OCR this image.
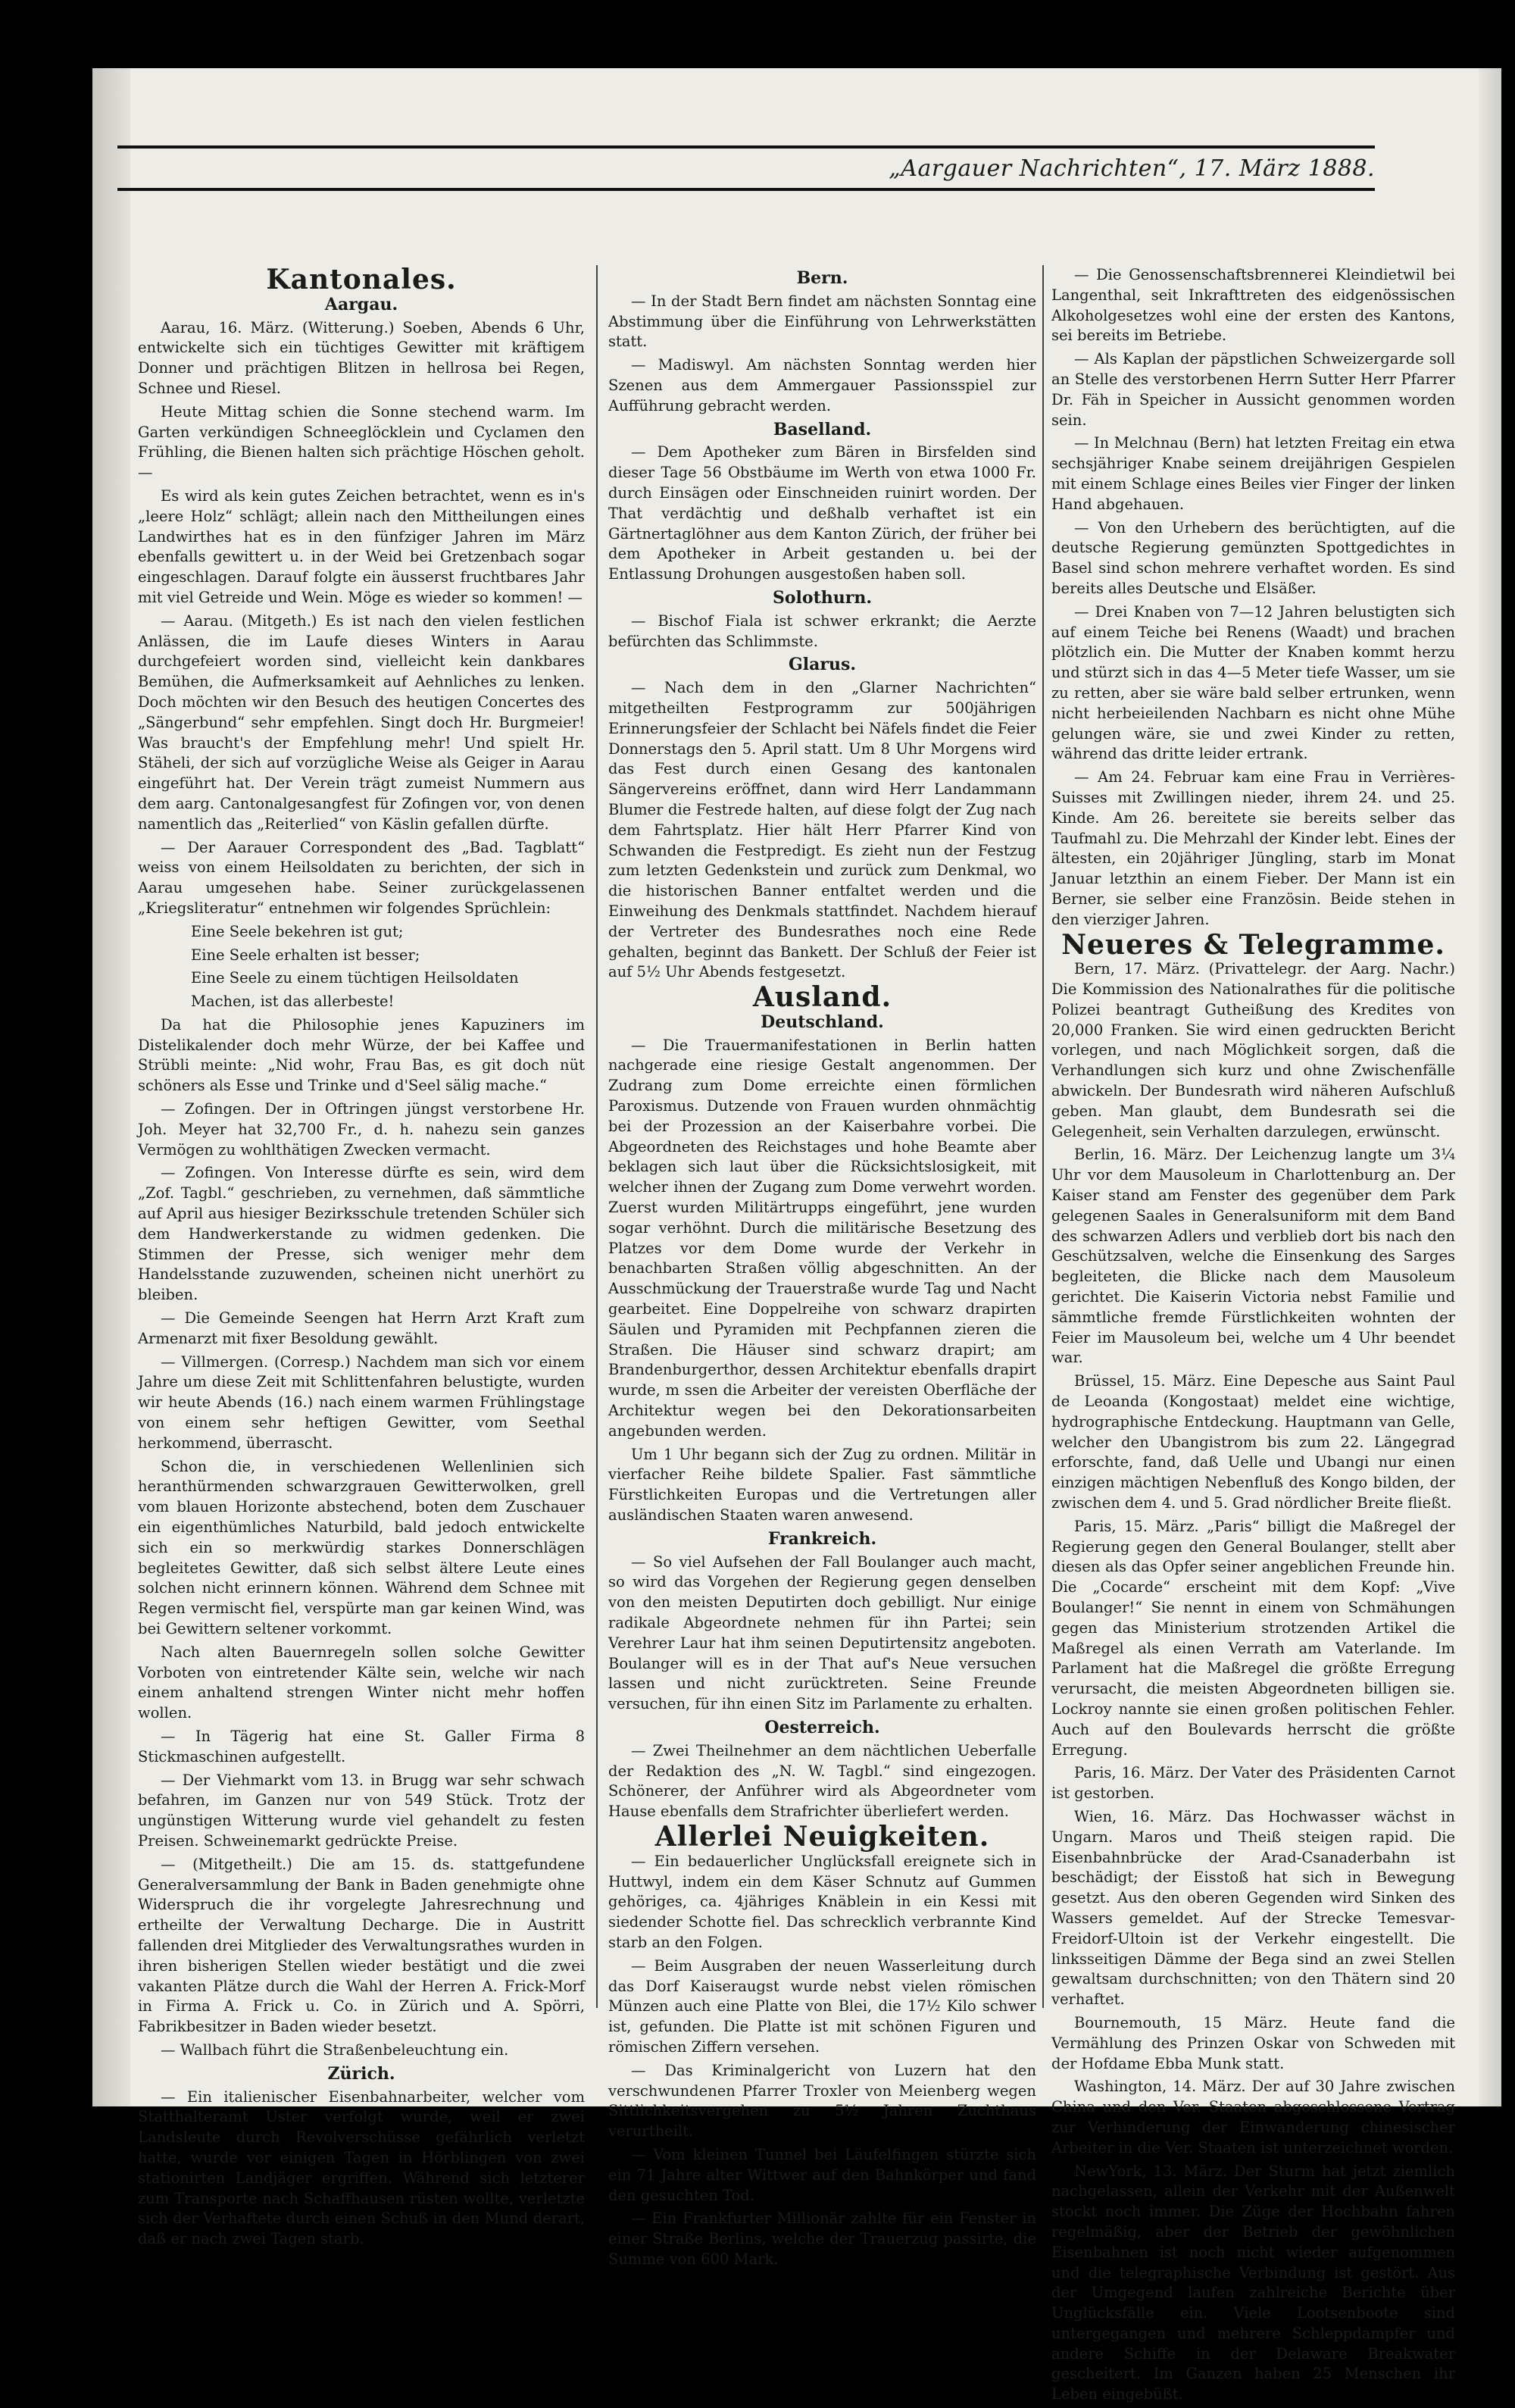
„Aargauer Nachrichten“, 17. März 1888.
Kantonales.
Aargau.

Aarau, 16. März. (Witterung.) Soeben, Abends 6 Uhr, entwickelte sich ein tüchtiges Gewitter mit kräftigem Donner und prächtigen Blitzen in hellrosa bei Regen, Schnee und Riesel.

Heute Mittag schien die Sonne stechend warm. Im Garten verkündigen Schneeglöcklein und Cyclamen den Frühling, die Bienen halten sich prächtige Höschen geholt. —

Es wird als kein gutes Zeichen betrachtet, wenn es in's „leere Holz“ schlägt; allein nach den Mittheilungen eines Landwirthes hat es in den fünfziger Jahren im März ebenfalls gewittert u. in der Weid bei Gretzenbach sogar eingeschlagen. Darauf folgte ein äusserst fruchtbares Jahr mit viel Getreide und Wein. Möge es wieder so kommen! —

— Aarau. (Mitgeth.) Es ist nach den vielen festlichen Anlässen, die im Laufe dieses Winters in Aarau durchgefeiert worden sind, vielleicht kein dankbares Bemühen, die Aufmerksamkeit auf Aehnliches zu lenken. Doch möchten wir den Besuch des heutigen Concertes des „Sängerbund“ sehr empfehlen. Singt doch Hr. Burgmeier! Was braucht's der Empfehlung mehr! Und spielt Hr. Stäheli, der sich auf vorzügliche Weise als Geiger in Aarau eingeführt hat. Der Verein trägt zumeist Nummern aus dem aarg. Cantonalgesangfest für Zofingen vor, von denen namentlich das „Reiterlied“ von Käslin gefallen dürfte.

— Der Aarauer Correspondent des „Bad. Tagblatt“ weiss von einem Heilsoldaten zu berichten, der sich in Aarau umgesehen habe. Seiner zurückgelassenen „Kriegsliteratur“ entnehmen wir folgendes Sprüchlein:

Eine Seele bekehren ist gut;

Eine Seele erhalten ist besser;

Eine Seele zu einem tüchtigen Heilsoldaten

Machen, ist das allerbeste!

Da hat die Philosophie jenes Kapuziners im Distelikalender doch mehr Würze, der bei Kaffee und Strübli meinte: „Nid wohr, Frau Bas, es git doch nüt schöners als Esse und Trinke und d'Seel sälig mache.“

— Zofingen. Der in Oftringen jüngst verstorbene Hr. Joh. Meyer hat 32,700 Fr., d. h. nahezu sein ganzes Vermögen zu wohlthätigen Zwecken vermacht.

— Zofingen. Von Interesse dürfte es sein, wird dem „Zof. Tagbl.“ geschrieben, zu vernehmen, daß sämmtliche auf April aus hiesiger Bezirksschule tretenden Schüler sich dem Handwerkerstande zu widmen gedenken. Die Stimmen der Presse, sich weniger mehr dem Handelsstande zuzuwenden, scheinen nicht unerhört zu bleiben.

— Die Gemeinde Seengen hat Herrn Arzt Kraft zum Armenarzt mit fixer Besoldung gewählt.

— Villmergen. (Corresp.) Nachdem man sich vor einem Jahre um diese Zeit mit Schlittenfahren belustigte, wurden wir heute Abends (16.) nach einem warmen Frühlingstage von einem sehr heftigen Gewitter, vom Seethal herkommend, überrascht.

Schon die, in verschiedenen Wellenlinien sich heranthürmenden schwarzgrauen Gewitterwolken, grell vom blauen Horizonte abstechend, boten dem Zuschauer ein eigenthümliches Naturbild, bald jedoch entwickelte sich ein so merkwürdig starkes Donnerschlägen begleitetes Gewitter, daß sich selbst ältere Leute eines solchen nicht erinnern können. Während dem Schnee mit Regen vermischt fiel, verspürte man gar keinen Wind, was bei Gewittern seltener vorkommt.

Nach alten Bauernregeln sollen solche Gewitter Vorboten von eintretender Kälte sein, welche wir nach einem anhaltend strengen Winter nicht mehr hoffen wollen.

— In Tägerig hat eine St. Galler Firma 8 Stickmaschinen aufgestellt.

— Der Viehmarkt vom 13. in Brugg war sehr schwach befahren, im Ganzen nur von 549 Stück. Trotz der ungünstigen Witterung wurde viel gehandelt zu festen Preisen. Schweinemarkt gedrückte Preise.

— (Mitgetheilt.) Die am 15. ds. stattgefundene Generalversammlung der Bank in Baden genehmigte ohne Widerspruch die ihr vorgelegte Jahresrechnung und ertheilte der Verwaltung Decharge. Die in Austritt fallenden drei Mitglieder des Verwaltungsrathes wurden in ihren bisherigen Stellen wieder bestätigt und die zwei vakanten Plätze durch die Wahl der Herren A. Frick-Morf in Firma A. Frick u. Co. in Zürich und A. Spörri, Fabrikbesitzer in Baden wieder besetzt.

— Wallbach führt die Straßenbeleuchtung ein.

Zürich.

— Ein italienischer Eisenbahnarbeiter, welcher vom Statthalteramt Uster verfolgt wurde, weil er zwei Landsleute durch Revolverschüsse gefährlich verletzt hatte, wurde vor einigen Tagen in Hörblingen von zwei stationirten Landjäger ergriffen. Während sich letzterer zum Transporte nach Schaffhausen rüsten wollte, verletzte sich der Verhaftete durch einen Schuß in den Mund derart, daß er nach zwei Tagen starb.

Bern.

— In der Stadt Bern findet am nächsten Sonntag eine Abstimmung über die Einführung von Lehrwerkstätten statt.

— Madiswyl. Am nächsten Sonntag werden hier Szenen aus dem Ammergauer Passionsspiel zur Aufführung gebracht werden.

Baselland.

— Dem Apotheker zum Bären in Birsfelden sind dieser Tage 56 Obstbäume im Werth von etwa 1000 Fr. durch Einsägen oder Einschneiden ruinirt worden. Der That verdächtig und deßhalb verhaftet ist ein Gärtnertaglöhner aus dem Kanton Zürich, der früher bei dem Apotheker in Arbeit gestanden u. bei der Entlassung Drohungen ausgestoßen haben soll.

Solothurn.

— Bischof Fiala ist schwer erkrankt; die Aerzte befürchten das Schlimmste.

Glarus.

— Nach dem in den „Glarner Nachrichten“ mitgetheilten Festprogramm zur 500jährigen Erinnerungsfeier der Schlacht bei Näfels findet die Feier Donnerstags den 5. April statt. Um 8 Uhr Morgens wird das Fest durch einen Gesang des kantonalen Sängervereins eröffnet, dann wird Herr Landammann Blumer die Festrede halten, auf diese folgt der Zug nach dem Fahrtsplatz. Hier hält Herr Pfarrer Kind von Schwanden die Festpredigt. Es zieht nun der Festzug zum letzten Gedenkstein und zurück zum Denkmal, wo die historischen Banner entfaltet werden und die Einweihung des Denkmals stattfindet. Nachdem hierauf der Vertreter des Bundesrathes noch eine Rede gehalten, beginnt das Bankett. Der Schluß der Feier ist auf 5½ Uhr Abends festgesetzt.

Ausland.
Deutschland.

— Die Trauermanifestationen in Berlin hatten nachgerade eine riesige Gestalt angenommen. Der Zudrang zum Dome erreichte einen förmlichen Paroxismus. Dutzende von Frauen wurden ohnmächtig bei der Prozession an der Kaiserbahre vorbei. Die Abgeordneten des Reichstages und hohe Beamte aber beklagen sich laut über die Rücksichtslosigkeit, mit welcher ihnen der Zugang zum Dome verwehrt worden. Zuerst wurden Militärtrupps eingeführt, jene wurden sogar verhöhnt. Durch die militärische Besetzung des Platzes vor dem Dome wurde der Verkehr in benachbarten Straßen völlig abgeschnitten. An der Ausschmückung der Trauerstraße wurde Tag und Nacht gearbeitet. Eine Doppelreihe von schwarz drapirten Säulen und Pyramiden mit Pechpfannen zieren die Straßen. Die Häuser sind schwarz drapirt; am Brandenburgerthor, dessen Architektur ebenfalls drapirt wurde, m ssen die Arbeiter der vereisten Oberfläche der Architektur wegen bei den Dekorationsarbeiten angebunden werden.

Um 1 Uhr begann sich der Zug zu ordnen. Militär in vierfacher Reihe bildete Spalier. Fast sämmtliche Fürstlichkeiten Europas und die Vertretungen aller ausländischen Staaten waren anwesend.

Frankreich.

— So viel Aufsehen der Fall Boulanger auch macht, so wird das Vorgehen der Regierung gegen denselben von den meisten Deputirten doch gebilligt. Nur einige radikale Abgeordnete nehmen für ihn Partei; sein Verehrer Laur hat ihm seinen Deputirtensitz angeboten. Boulanger will es in der That auf's Neue versuchen lassen und nicht zurücktreten. Seine Freunde versuchen, für ihn einen Sitz im Parlamente zu erhalten.

Oesterreich.

— Zwei Theilnehmer an dem nächtlichen Ueberfalle der Redaktion des „N. W. Tagbl.“ sind eingezogen. Schönerer, der Anführer wird als Abgeordneter vom Hause ebenfalls dem Strafrichter überliefert werden.

Allerlei Neuigkeiten.

— Ein bedauerlicher Unglücksfall ereignete sich in Huttwyl, indem ein dem Käser Schnutz auf Gummen gehöriges, ca. 4jähriges Knäblein in ein Kessi mit siedender Schotte fiel. Das schrecklich verbrannte Kind starb an den Folgen.

— Beim Ausgraben der neuen Wasserleitung durch das Dorf Kaiseraugst wurde nebst vielen römischen Münzen auch eine Platte von Blei, die 17½ Kilo schwer ist, gefunden. Die Platte ist mit schönen Figuren und römischen Ziffern versehen.

— Das Kriminalgericht von Luzern hat den verschwundenen Pfarrer Troxler von Meienberg wegen Sittlichkeitsvergehen zu 5½ Jahren Zuchthaus verurtheilt.

— Vom kleinen Tunnel bei Läufelfingen stürzte sich ein 71 Jahre alter Wittwer auf den Bahnkörper und fand den gesuchten Tod.

— Ein Frankfurter Millionär zahlte für ein Fenster in einer Straße Berlins, welche der Trauerzug passirte, die Summe von 600 Mark.

— Die Genossenschaftsbrennerei Kleindietwil bei Langenthal, seit Inkrafttreten des eidgenössischen Alkoholgesetzes wohl eine der ersten des Kantons, sei bereits im Betriebe.

— Als Kaplan der päpstlichen Schweizergarde soll an Stelle des verstorbenen Herrn Sutter Herr Pfarrer Dr. Fäh in Speicher in Aussicht genommen worden sein.

— In Melchnau (Bern) hat letzten Freitag ein etwa sechsjähriger Knabe seinem dreijährigen Gespielen mit einem Schlage eines Beiles vier Finger der linken Hand abgehauen.

— Von den Urhebern des berüchtigten, auf die deutsche Regierung gemünzten Spottgedichtes in Basel sind schon mehrere verhaftet worden. Es sind bereits alles Deutsche und Elsäßer.

— Drei Knaben von 7—12 Jahren belustigten sich auf einem Teiche bei Renens (Waadt) und brachen plötzlich ein. Die Mutter der Knaben kommt herzu und stürzt sich in das 4—5 Meter tiefe Wasser, um sie zu retten, aber sie wäre bald selber ertrunken, wenn nicht herbeieilenden Nachbarn es nicht ohne Mühe gelungen wäre, sie und zwei Kinder zu retten, während das dritte leider ertrank.

— Am 24. Februar kam eine Frau in Verrières-Suisses mit Zwillingen nieder, ihrem 24. und 25. Kinde. Am 26. bereitete sie bereits selber das Taufmahl zu. Die Mehrzahl der Kinder lebt. Eines der ältesten, ein 20jähriger Jüngling, starb im Monat Januar letzthin an einem Fieber. Der Mann ist ein Berner, sie selber eine Französin. Beide stehen in den vierziger Jahren.

Neueres & Telegramme.

Bern, 17. März. (Privattelegr. der Aarg. Nachr.) Die Kommission des Nationalrathes für die politische Polizei beantragt Gutheißung des Kredites von 20,000 Franken. Sie wird einen gedruckten Bericht vorlegen, und nach Möglichkeit sorgen, daß die Verhandlungen sich kurz und ohne Zwischenfälle abwickeln. Der Bundesrath wird näheren Aufschluß geben. Man glaubt, dem Bundesrath sei die Gelegenheit, sein Verhalten darzulegen, erwünscht.

Berlin, 16. März. Der Leichenzug langte um 3¼ Uhr vor dem Mausoleum in Charlottenburg an. Der Kaiser stand am Fenster des gegenüber dem Park gelegenen Saales in Generalsuniform mit dem Band des schwarzen Adlers und verblieb dort bis nach den Geschützsalven, welche die Einsenkung des Sarges begleiteten, die Blicke nach dem Mausoleum gerichtet. Die Kaiserin Victoria nebst Familie und sämmtliche fremde Fürstlichkeiten wohnten der Feier im Mausoleum bei, welche um 4 Uhr beendet war.

Brüssel, 15. März. Eine Depesche aus Saint Paul de Leoanda (Kongostaat) meldet eine wichtige, hydrographische Entdeckung. Hauptmann van Gelle, welcher den Ubangistrom bis zum 22. Längegrad erforschte, fand, daß Uelle und Ubangi nur einen einzigen mächtigen Nebenfluß des Kongo bilden, der zwischen dem 4. und 5. Grad nördlicher Breite fließt.

Paris, 15. März. „Paris“ billigt die Maßregel der Regierung gegen den General Boulanger, stellt aber diesen als das Opfer seiner angeblichen Freunde hin. Die „Cocarde“ erscheint mit dem Kopf: „Vive Boulanger!“ Sie nennt in einem von Schmähungen gegen das Ministerium strotzenden Artikel die Maßregel als einen Verrath am Vaterlande. Im Parlament hat die Maßregel die größte Erregung verursacht, die meisten Abgeordneten billigen sie. Lockroy nannte sie einen großen politischen Fehler. Auch auf den Boulevards herrscht die größte Erregung.

Paris, 16. März. Der Vater des Präsidenten Carnot ist gestorben.

Wien, 16. März. Das Hochwasser wächst in Ungarn. Maros und Theiß steigen rapid. Die Eisenbahnbrücke der Arad-Csanaderbahn ist beschädigt; der Eisstoß hat sich in Bewegung gesetzt. Aus den oberen Gegenden wird Sinken des Wassers gemeldet. Auf der Strecke Temesvar-Freidorf-Ultoin ist der Verkehr eingestellt. Die linksseitigen Dämme der Bega sind an zwei Stellen gewaltsam durchschnitten; von den Thätern sind 20 verhaftet.

Bournemouth, 15 März. Heute fand die Vermählung des Prinzen Oskar von Schweden mit der Hofdame Ebba Munk statt.

Washington, 14. März. Der auf 30 Jahre zwischen China und den Ver. Staaten abgeschlossene Vertrag zur Verhinderung der Einwanderung chinesischer Arbeiter in die Ver. Staaten ist unterzeichnet worden.

NewYork, 13. März. Der Sturm hat jetzt ziemlich nachgelassen, allein der Verkehr mit der Außenwelt stockt noch immer. Die Züge der Hochbahn fahren regelmäßig, aber der Betrieb der gewöhnlichen Eisenbahnen ist noch nicht wieder aufgenommen und die telegraphische Verbindung ist gestört. Aus der Umgegend laufen zahlreiche Berichte über Unglücksfälle ein. Viele Lootsenboote sind untergegangen und mehrere Schleppdampfer und andere Schiffe in der Delaware Breakwater gescheitert. Im Ganzen haben 25 Menschen ihr Leben eingebüßt.
